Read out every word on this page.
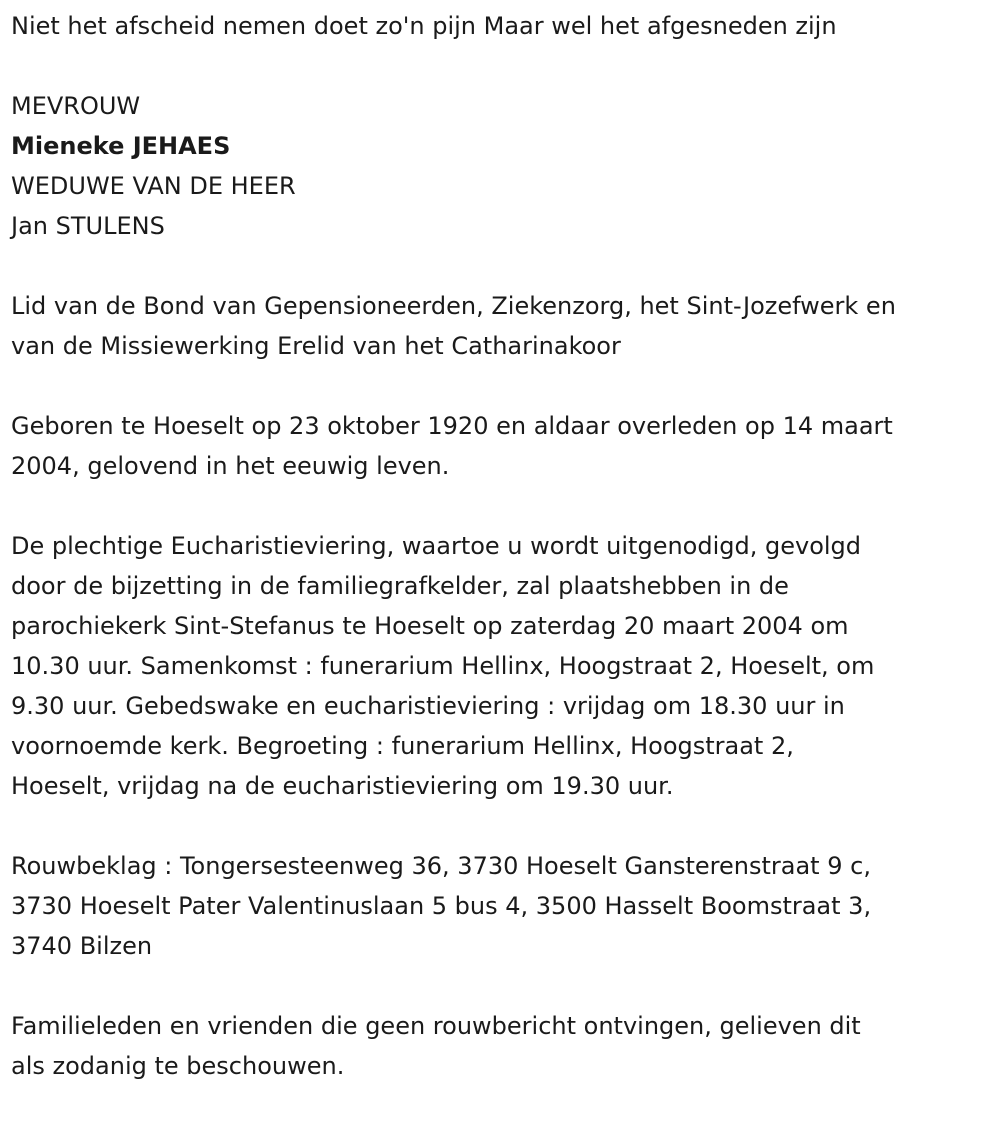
Niet het afscheid nemen doet zo'n pijn Maar wel het afgesneden zijn
MEVROUW
Mieneke JEHAES
WEDUWE VAN DE HEER
Jan STULENS
Lid van de Bond van Gepensioneerden, Ziekenzorg, het Sint-Jozefwerk en
van de Missiewerking Erelid van het Catharinakoor
Geboren te Hoeselt op 23 oktober 1920 en aldaar overleden op 14 maart
2004, gelovend in het eeuwig leven.
De plechtige Eucharistieviering, waartoe u wordt uitgenodigd, gevolgd
door de bijzetting in de familiegrafkelder, zal plaatshebben in de
parochiekerk Sint-Stefanus te Hoeselt op zaterdag 20 maart 2004 om
10.30 uur. Samenkomst : funerarium Hellinx, Hoogstraat 2, Hoeselt, om
9.30 uur. Gebedswake en eucharistieviering : vrijdag om 18.30 uur in
voornoemde kerk. Begroeting : funerarium Hellinx, Hoogstraat 2,
Hoeselt, vrijdag na de eucharistieviering om 19.30 uur.
Rouwbeklag : Tongersesteenweg 36, 3730 Hoeselt Gansterenstraat 9 c,
3730 Hoeselt Pater Valentinuslaan 5 bus 4, 3500 Hasselt Boomstraat 3,
3740 Bilzen
Familieleden en vrienden die geen rouwbericht ontvingen, gelieven dit
als zodanig te beschouwen.
